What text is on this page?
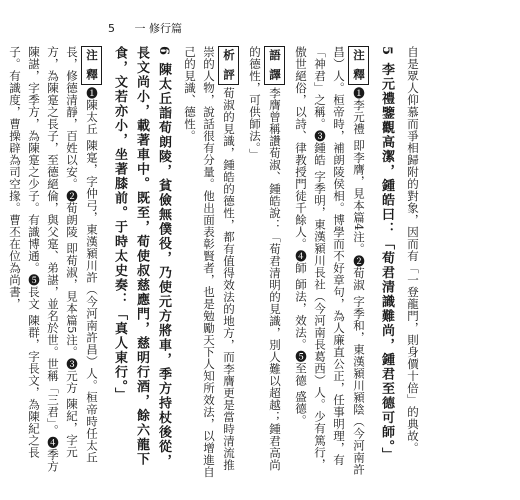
5 一 修行篇

自是眾人仰慕而爭相歸附的對象，因而有「一登龍門，則身價十倍」的典故。

5 李元禮鑒觀高潔，鍾皓曰：「荀君清識難尚，鍾君至德可師。」

注 釋❶李元禮 即李膺，見本篇4注。❷荀淑 字季和，東漢潁川潁陰（今河南許昌）人。桓帝時，補朗陵侯相。博學而不好章句，為人廉直公正，任事明理，有「神君」之稱。❸鍾皓 字季明，東漢潁川長社（今河南長葛西）人。少有篤行，傲世絕俗，以詩、律教授門徒千餘人。❹師 師法，效法。❺至德 盛德。

語 譯李膺曾稱讚荀淑、鍾皓說：「荀君清明的見識，別人難以超越；鍾君高尚的德性，可供師法。」

析 評荀淑的見識，鍾皓的德性，都有值得效法的地方，而李膺更是當時清流推崇的人物，說話很有分量。他出面表彰賢者，也是勉勵天下人知所效法，以增進自己的見識、德性。

6 陳太丘詣荀朗陵，貧儉無僕役，乃使元方將車，季方持杖後從，長文尚小，載著車中。既至，荀使叔慈應門，慈明行酒，餘六龍下食，文若亦小，坐著膝前。于時太史奏：「真人東行。」

注 釋❶陳太丘 陳寔，字仲弓，東漢潁川許（今河南許昌）人。桓帝時任太丘長，修德清靜，百姓以安。❷荀朗陵 即荀淑，見本篇5注。❸元方 陳紀，字元方，為陳寔之長子，至德絕倫，與父寔、弟諶，並名於世。世稱「三君」。❹季方 陳諶，字季方，為陳寔之少子。有識博通。❺長文 陳群，字長文，為陳紀之長子。有識度，曹操辟為司空掾。曹丕在位為尚書，
